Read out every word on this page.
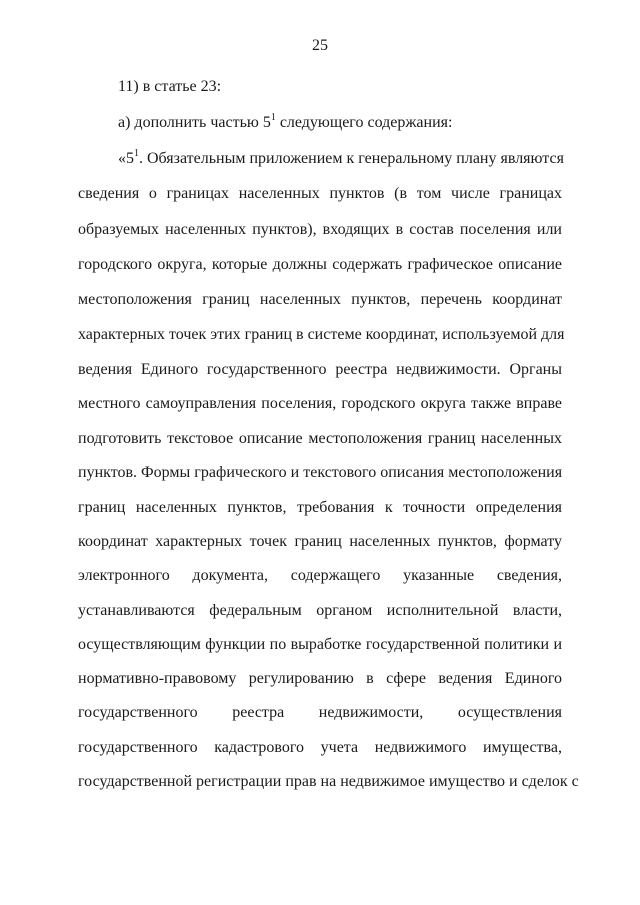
25
11) в статье 23:
а) дополнить частью $5^1$ следующего содержания:
«$5^1$. Обязательным приложением к генеральному плану являются
сведения о границах населенных пунктов (в том числе границах
образуемых населенных пунктов), входящих в состав поселения или
городского округа, которые должны содержать графическое описание
местоположения границ населенных пунктов, перечень координат
характерных точек этих границ в системе координат, используемой для
ведения Единого государственного реестра недвижимости. Органы
местного самоуправления поселения, городского округа также вправе
подготовить текстовое описание местоположения границ населенных
пунктов. Формы графического и текстового описания местоположения
границ населенных пунктов, требования к точности определения
координат характерных точек границ населенных пунктов, формату
электронного документа, содержащего указанные сведения,
устанавливаются федеральным органом исполнительной власти,
осуществляющим функции по выработке государственной политики и
нормативно-правовому регулированию в сфере ведения Единого
государственного реестра недвижимости, осуществления
государственного кадастрового учета недвижимого имущества,
государственной регистрации прав на недвижимое имущество и сделок с
